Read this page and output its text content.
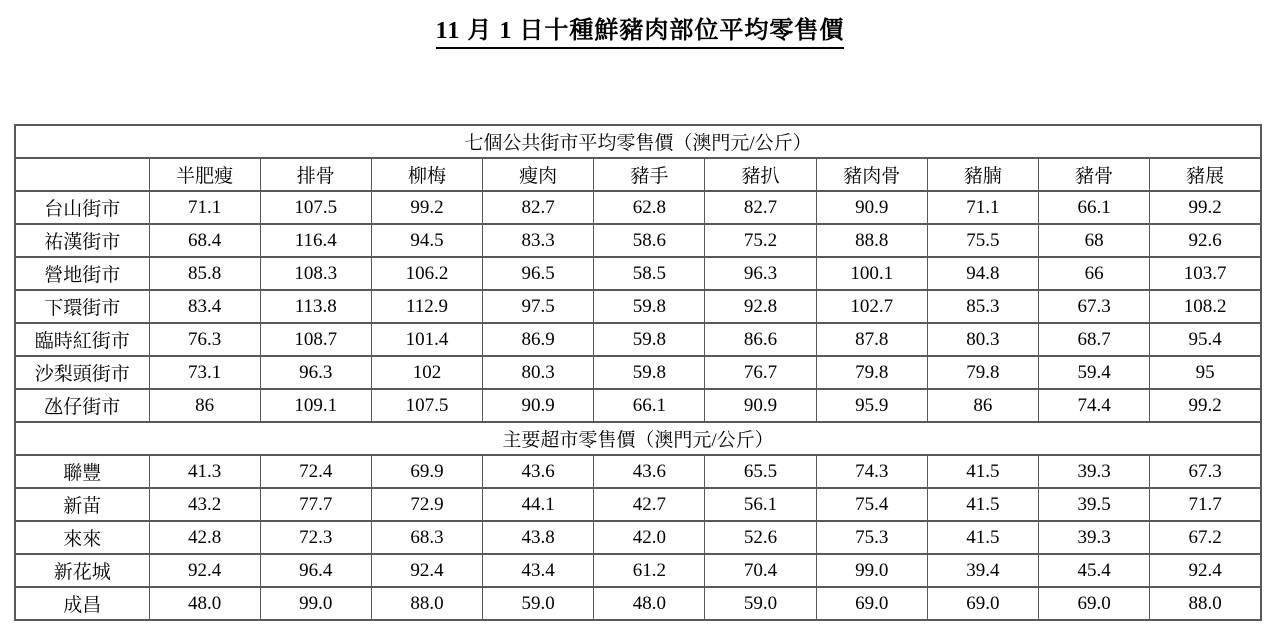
11 月 1 日十種鮮豬肉部位平均零售價
七個公共街市平均零售價（澳門元/公斤）										
	半肥瘦	排骨	柳梅	瘦肉	豬手	豬扒	豬肉骨	豬腩	豬骨	豬展
台山街市	71.1	107.5	99.2	82.7	62.8	82.7	90.9	71.1	66.1	99.2
祐漢街市	68.4	116.4	94.5	83.3	58.6	75.2	88.8	75.5	68	92.6
營地街市	85.8	108.3	106.2	96.5	58.5	96.3	100.1	94.8	66	103.7
下環街市	83.4	113.8	112.9	97.5	59.8	92.8	102.7	85.3	67.3	108.2
臨時紅街市	76.3	108.7	101.4	86.9	59.8	86.6	87.8	80.3	68.7	95.4
沙梨頭街市	73.1	96.3	102	80.3	59.8	76.7	79.8	79.8	59.4	95
氹仔街市	86	109.1	107.5	90.9	66.1	90.9	95.9	86	74.4	99.2
主要超市零售價（澳門元/公斤）										
聯豐	41.3	72.4	69.9	43.6	43.6	65.5	74.3	41.5	39.3	67.3
新苗	43.2	77.7	72.9	44.1	42.7	56.1	75.4	41.5	39.5	71.7
來來	42.8	72.3	68.3	43.8	42.0	52.6	75.3	41.5	39.3	67.2
新花城	92.4	96.4	92.4	43.4	61.2	70.4	99.0	39.4	45.4	92.4
成昌	48.0	99.0	88.0	59.0	48.0	59.0	69.0	69.0	69.0	88.0
